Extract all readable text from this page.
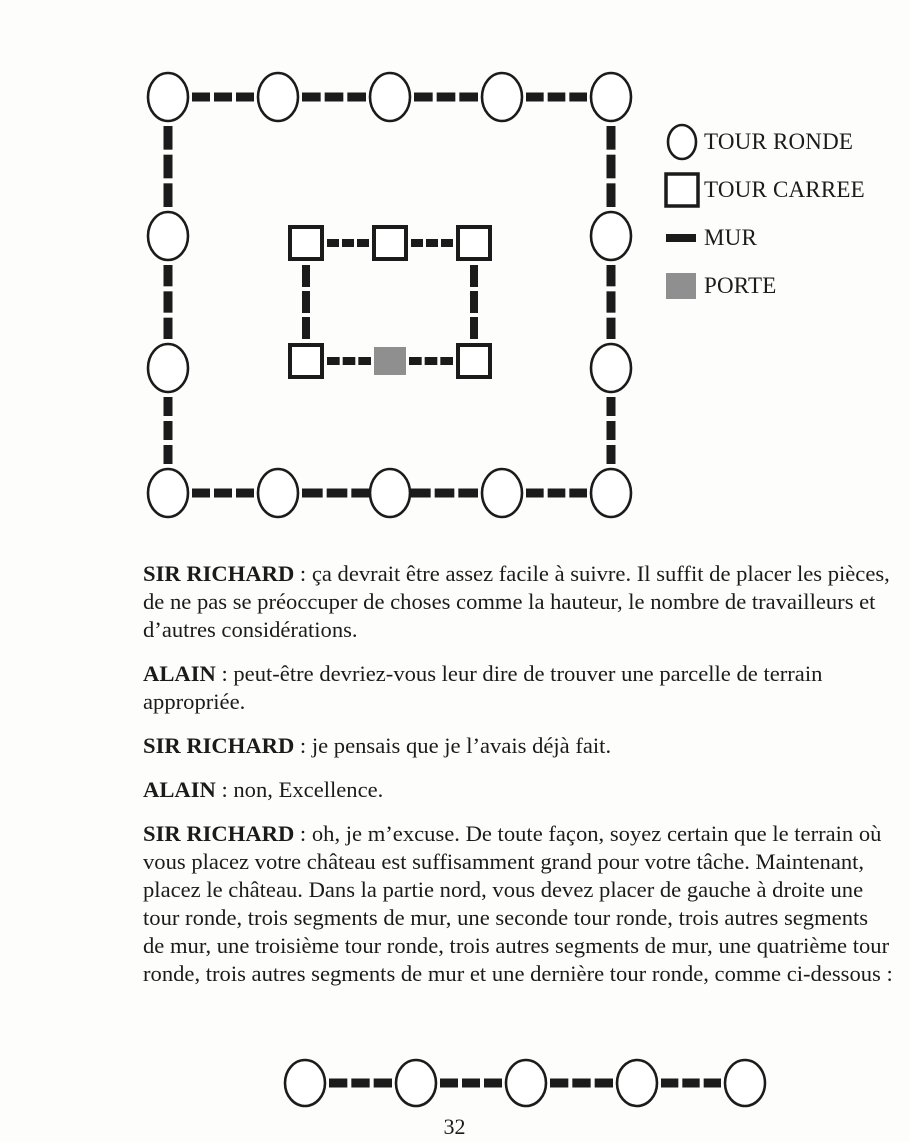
TOUR RONDE
TOUR CARREE
MUR
PORTE

SIR RICHARD : ça devrait être assez facile à suivre. Il suffit de placer les pièces, de ne pas se préoccuper de choses comme la hauteur, le nombre de travailleurs et d’autres considérations.

ALAIN : peut-être devriez-vous leur dire de trouver une parcelle de terrain appropriée.

SIR RICHARD : je pensais que je l’avais déjà fait.

ALAIN : non, Excellence.

SIR RICHARD : oh, je m’excuse. De toute façon, soyez certain que le terrain où vous placez votre château est suffisamment grand pour votre tâche. Maintenant, placez le château. Dans la partie nord, vous devez placer de gauche à droite une tour ronde, trois segments de mur, une seconde tour ronde, trois autres segments de mur, une troisième tour ronde, trois autres segments de mur, une quatrième tour ronde, trois autres segments de mur et une dernière tour ronde, comme ci-dessous :

32
